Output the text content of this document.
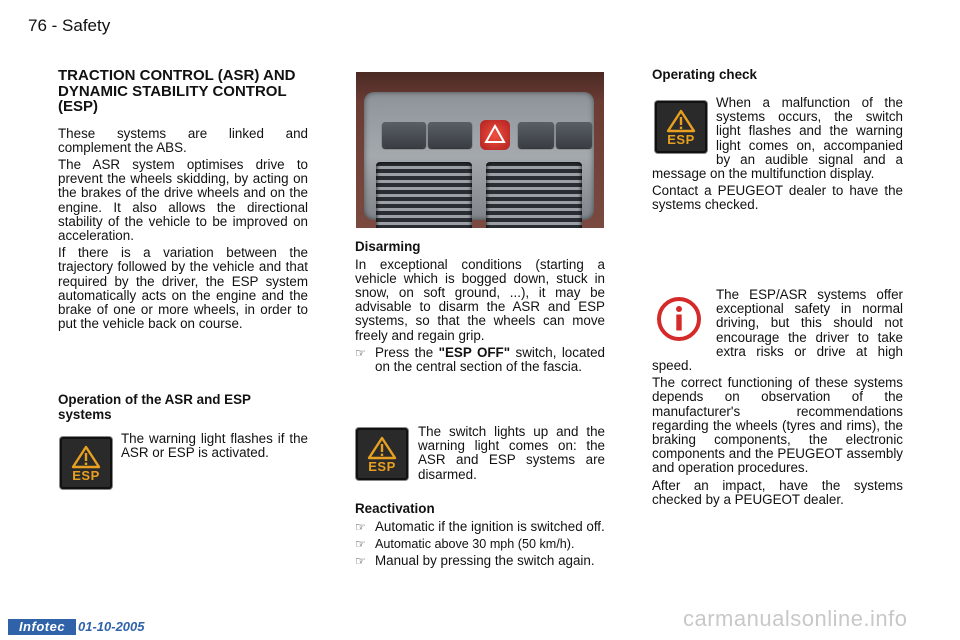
76 - Safety
TRACTION CONTROL (ASR) AND DYNAMIC STABILITY CONTROL (ESP)

These systems are linked and complement the ABS.

The ASR system optimises drive to prevent the wheels skidding, by acting on the brakes of the drive wheels and on the engine. It also allows the directional stability of the vehicle to be improved on acceleration.

If there is a variation between the trajectory followed by the vehicle and that required by the driver, the ESP system automatically acts on the engine and the brake of one or more wheels, in order to put the vehicle back on course.

Operation of the ASR and ESP systems
ESP

The warning light flashes if the ASR or ESP is activated.

Disarming

In exceptional conditions (starting a vehicle which is bogged down, stuck in snow, on soft ground, ...), it may be advisable to disarm the ASR and ESP systems, so that the wheels can move freely and regain grip.

☞ Press the "ESP OFF" switch, located on the central section of the fascia.
ESP

The switch lights up and the warning light comes on: the ASR and ESP systems are disarmed.

Reactivation
☞ Automatic if the ignition is switched off.
☞ Automatic above 30 mph (50 km/h).
☞ Manual by pressing the switch again.
Operating check
ESP

When a malfunction of the systems occurs, the switch light flashes and the warning light comes on, accompanied by an audible signal and a message on the multifunction display.

Contact a PEUGEOT dealer to have the systems checked.

The ESP/ASR systems offer exceptional safety in normal driving, but this should not encourage the driver to take extra risks or drive at high speed.

The correct functioning of these systems depends on observation of the manufacturer's recommendations regarding the wheels (tyres and rims), the braking components, the electronic components and the PEUGEOT assembly and operation procedures.

After an impact, have the systems checked by a PEUGEOT dealer.

Infotec 01-10-2005	carmanualsonline.info
